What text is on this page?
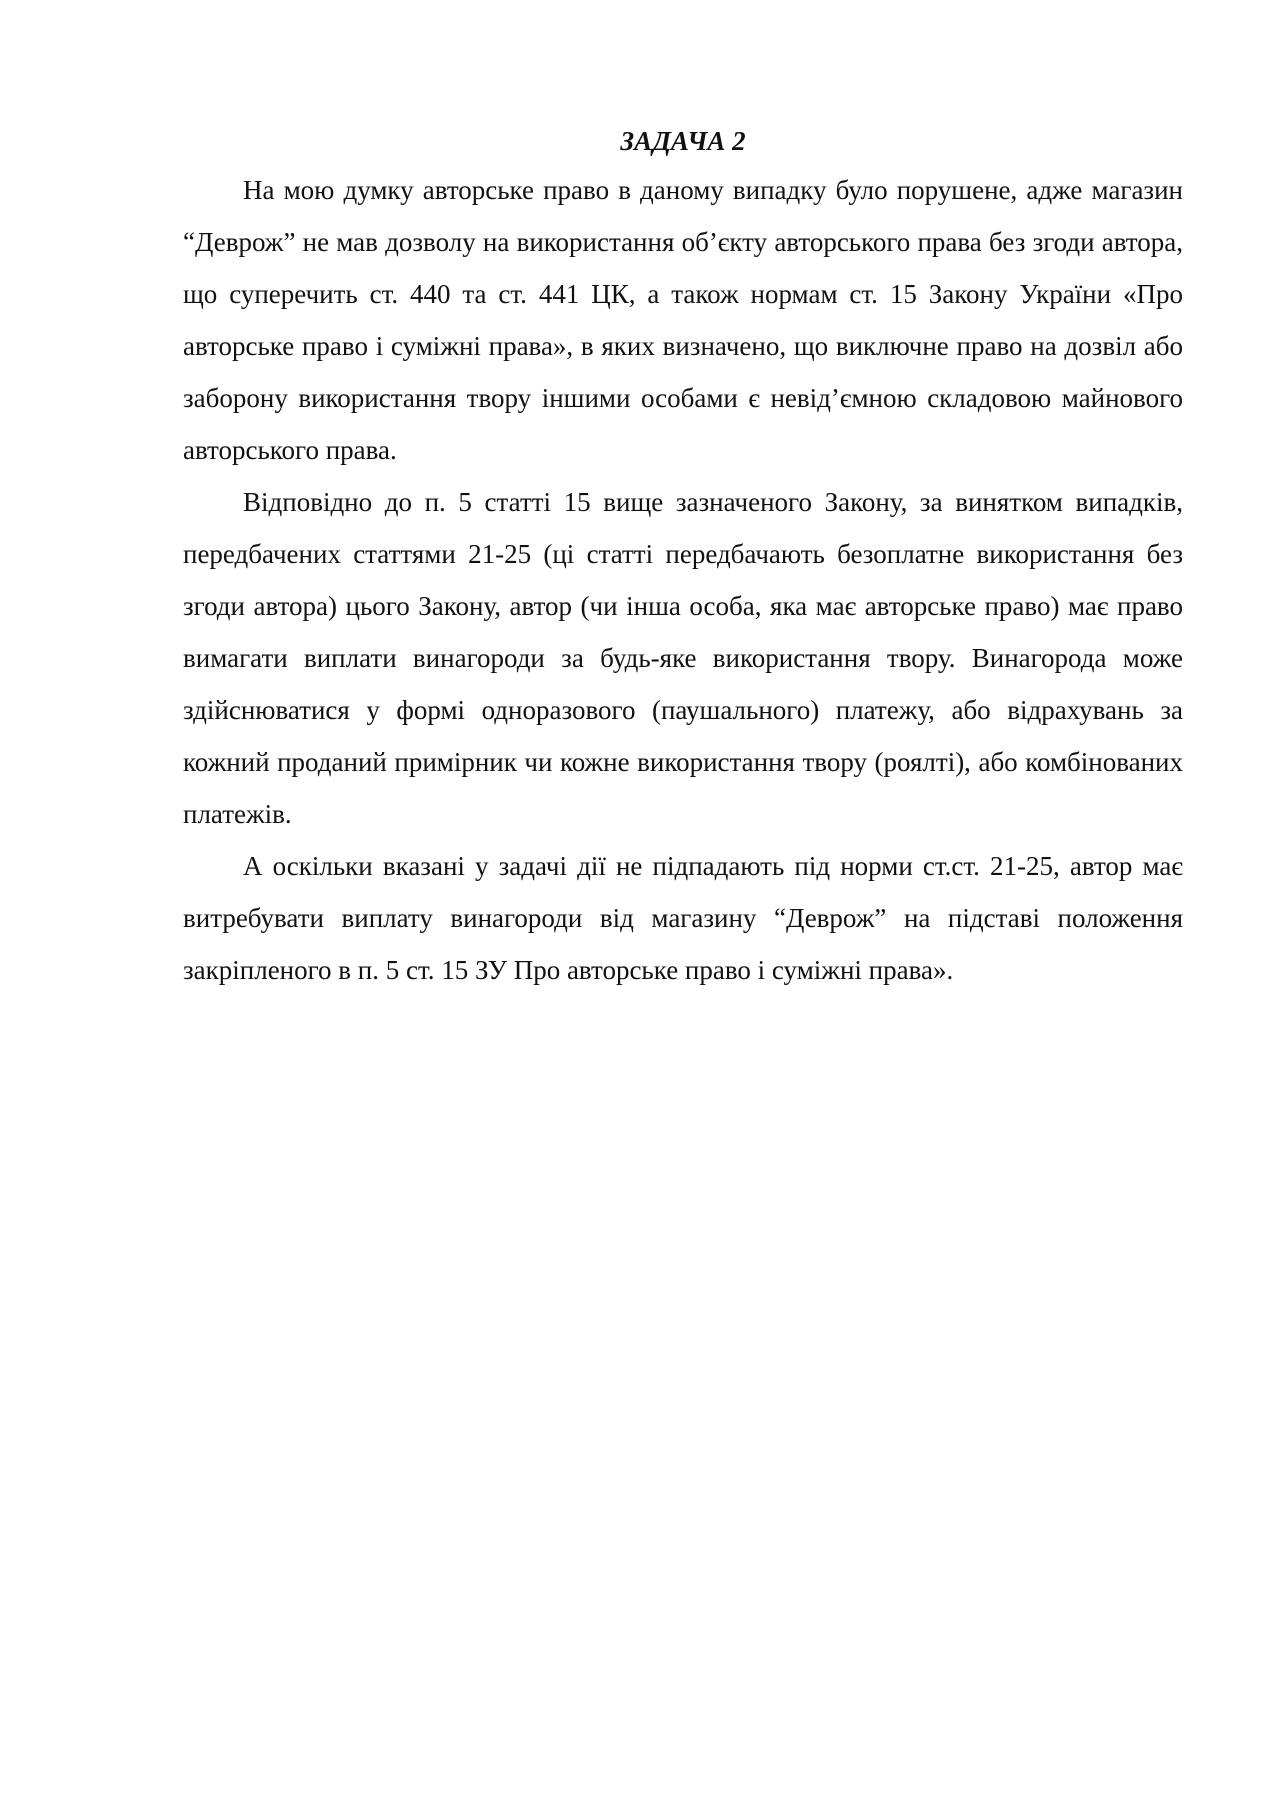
ЗАДАЧА 2

На мою думку авторське право в даному випадку було порушене, адже магазин “Деврож” не мав дозволу на використання об’єкту авторського права без згоди автора, що суперечить ст. 440 та ст. 441 ЦК, а також нормам ст. 15 Закону України «Про авторське право і суміжні права», в яких визначено, що виключне право на дозвіл або заборону використання твору іншими особами є невід’ємною складовою майнового авторського права.

Відповідно до п. 5 статті 15 вище зазначеного Закону, за винятком випадків, передбачених статтями 21-25 (ці статті передбачають безоплатне використання без згоди автора) цього Закону, автор (чи інша особа, яка має авторське право) має право вимагати виплати винагороди за будь-яке використання твору. Винагорода може здійснюватися у формі одноразового (паушального) платежу, або відрахувань за кожний проданий примірник чи кожне використання твору (роялті), або комбінованих платежів.

А оскільки вказані у задачі дії не підпадають під норми ст.ст. 21-25, автор має витребувати виплату винагороди від магазину “Деврож” на підставі положення закріпленого в п. 5 ст. 15 ЗУ Про авторське право і суміжні права».
